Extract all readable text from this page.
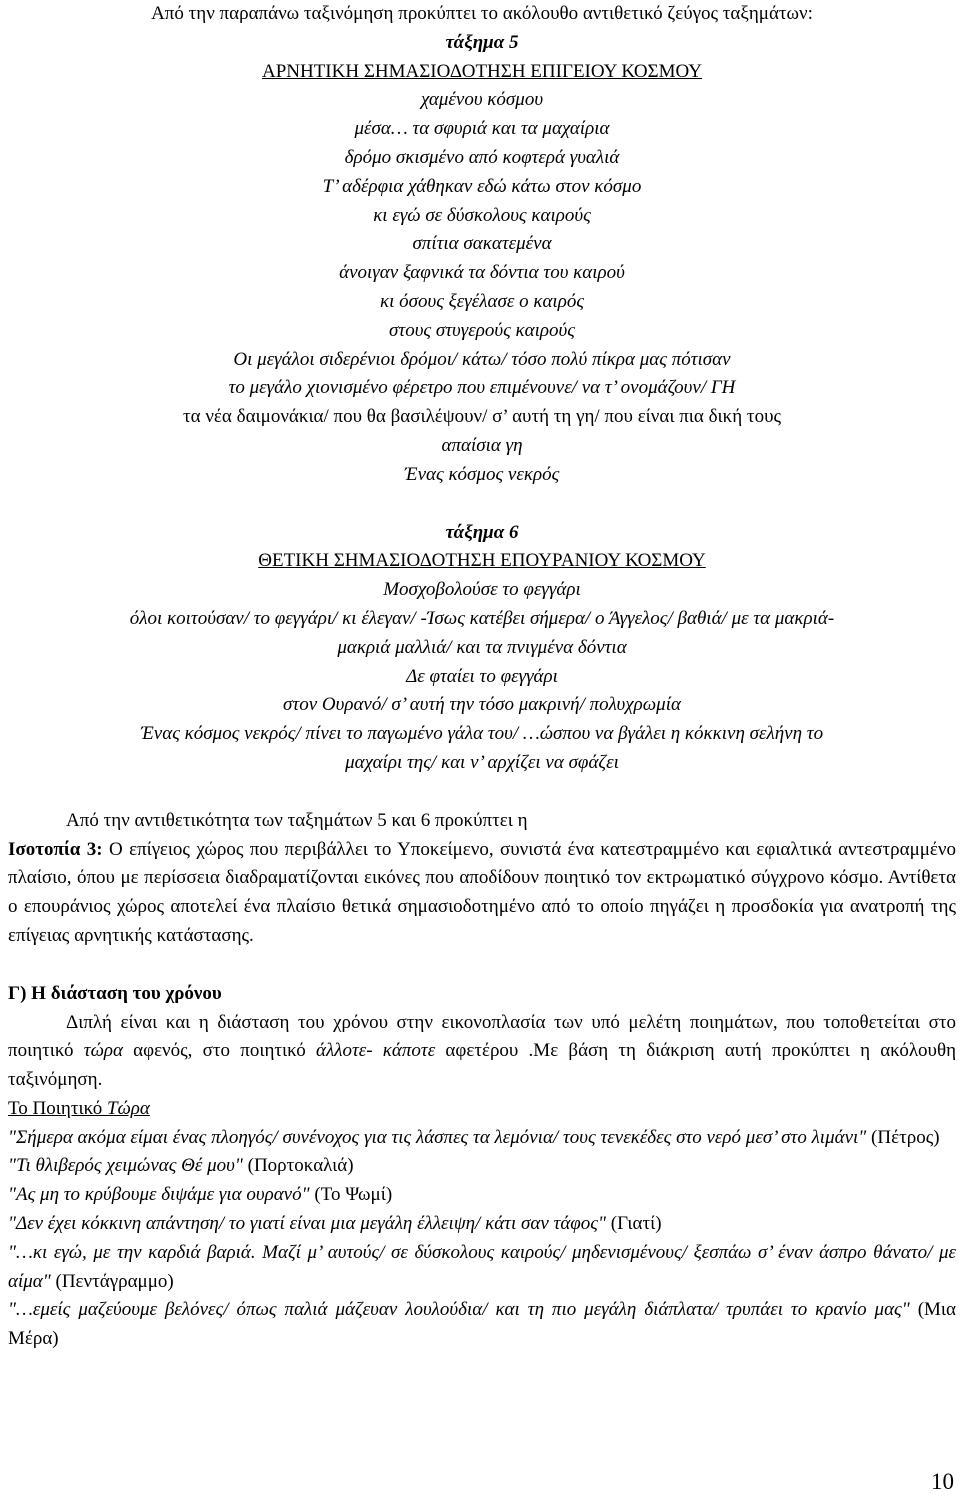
Από την παραπάνω ταξινόμηση προκύπτει το ακόλουθο αντιθετικό ζεύγος ταξημάτων:
τάξημα 5
ΑΡΝΗΤΙΚΗ ΣΗΜΑΣΙΟΔΟΤΗΣΗ ΕΠΙΓΕΙΟΥ ΚΟΣΜΟΥ
χαμένου κόσμου
μέσα… τα σφυριά και τα μαχαίρια
δρόμο σκισμένο από κοφτερά γυαλιά
Τ’ αδέρφια χάθηκαν εδώ κάτω στον κόσμο
κι εγώ σε δύσκολους καιρούς
σπίτια σακατεμένα
άνοιγαν ξαφνικά τα δόντια του καιρού
κι όσους ξεγέλασε ο καιρός
στους στυγερούς καιρούς
Οι μεγάλοι σιδερένιοι δρόμοι/ κάτω/ τόσο πολύ πίκρα μας πότισαν
το μεγάλο χιονισμένο φέρετρο που επιμένουνε/ να τ’ ονομάζουν/ ΓΗ
τα νέα δαιμονάκια/ που θα βασιλέψουν/ σ’ αυτή τη γη/ που είναι πια δική τους
απαίσια γη
Ένας κόσμος νεκρός
τάξημα 6
ΘΕΤΙΚΗ ΣΗΜΑΣΙΟΔΟΤΗΣΗ ΕΠΟΥΡΑΝΙΟΥ ΚΟΣΜΟΥ
Μοσχοβολούσε το φεγγάρι
όλοι κοιτούσαν/ το φεγγάρι/ κι έλεγαν/ -Ίσως κατέβει σήμερα/ ο Άγγελος/ βαθιά/ με τα μακριά-
μακριά μαλλιά/ και τα πνιγμένα δόντια
Δε φταίει το φεγγάρι
στον Ουρανό/ σ’ αυτή την τόσο μακρινή/ πολυχρωμία
Ένας κόσμος νεκρός/ πίνει το παγωμένο γάλα του/ …ώσπου να βγάλει η κόκκινη σελήνη το
μαχαίρι της/ και ν’ αρχίζει να σφάζει
Από την αντιθετικότητα των ταξημάτων 5 και 6 προκύπτει η
Ισοτοπία 3: Ο επίγειος χώρος που περιβάλλει το Υποκείμενο, συνιστά ένα κατεστραμμένο και εφιαλτικά αντεστραμμένο πλαίσιο, όπου με περίσσεια διαδραματίζονται εικόνες που αποδίδουν ποιητικό τον εκτρωματικό σύγχρονο κόσμο. Αντίθετα ο επουράνιος χώρος αποτελεί ένα πλαίσιο θετικά σημασιοδοτημένο από το οποίο πηγάζει η προσδοκία για ανατροπή της επίγειας αρνητικής κατάστασης.
Γ) Η διάσταση του χρόνου
Διπλή είναι και η διάσταση του χρόνου στην εικονοπλασία των υπό μελέτη ποιημάτων, που τοποθετείται στο ποιητικό τώρα αφενός, στο ποιητικό άλλοτε- κάποτε αφετέρου .Με βάση τη διάκριση αυτή προκύπτει η ακόλουθη ταξινόμηση.
Το Ποιητικό Τώρα
"Σήμερα ακόμα είμαι ένας πλοηγός/ συνένοχος για τις λάσπες τα λεμόνια/ τους τενεκέδες στο νερό μεσ’ στο λιμάνι" (Πέτρος)
"Τι θλιβερός χειμώνας Θέ μου" (Πορτοκαλιά)
"Ας μη το κρύβουμε διψάμε για ουρανό" (Το Ψωμί)
"Δεν έχει κόκκινη απάντηση/ το γιατί είναι μια μεγάλη έλλειψη/ κάτι σαν τάφος" (Γιατί)
"…κι εγώ, με την καρδιά βαριά. Μαζί μ’ αυτούς/ σε δύσκολους καιρούς/ μηδενισμένους/ ξεσπάω σ’ έναν άσπρο θάνατο/ με αίμα" (Πεντάγραμμο)
"…εμείς μαζεύουμε βελόνες/ όπως παλιά μάζευαν λουλούδια/ και τη πιο μεγάλη διάπλατα/ τρυπάει το κρανίο μας" (Μια Μέρα)
10
